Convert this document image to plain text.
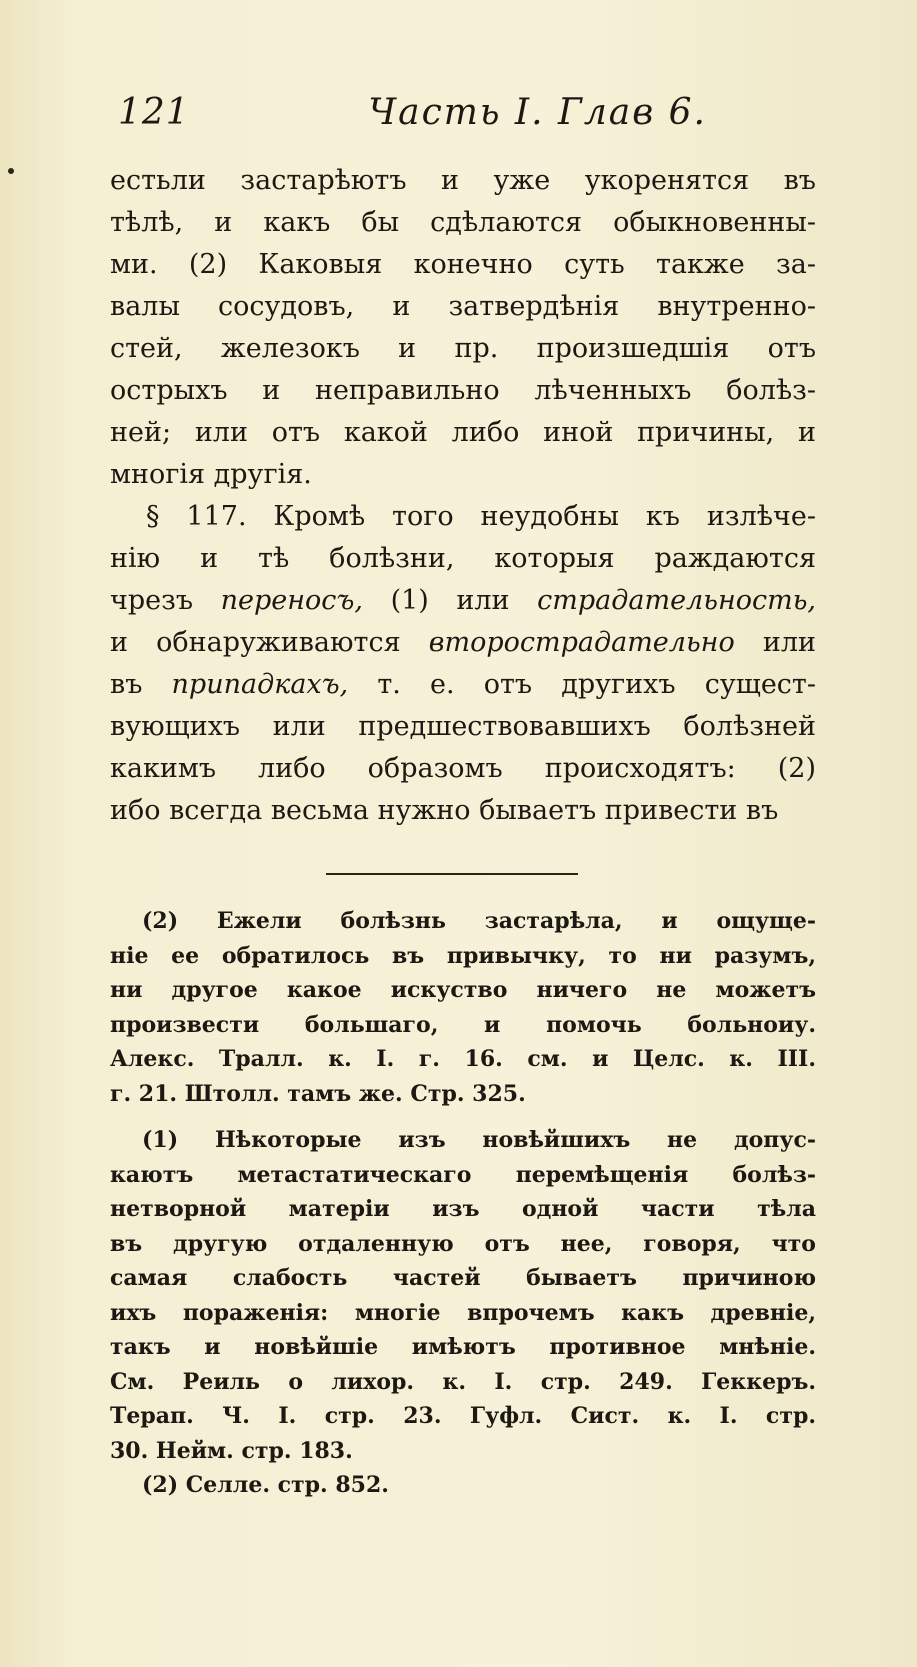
121	Часть I. Глав 6.

естьли застарѣютъ и уже укоренятся въ

тѣлѣ, и какъ бы сдѣлаются обыкновенны-

ми. (2) Каковыя конечно суть также за-

валы сосудовъ, и затвердѣнія внутренно-

стей, железокъ и пр. произшедшія отъ

острыхъ и неправильно лѣченныхъ болѣз-

ней; или отъ какой либо иной причины, и

многія другія.

§ 117. Кромѣ того неудобны къ излѣче-

нію и тѣ болѣзни, которыя раждаются

чрезъ переносъ, (1) или страдательность,

и обнаруживаются вторострадательно или

въ припадкахъ, т. е. отъ другихъ сущест-

вующихъ или предшествовавшихъ болѣзней

какимъ либо образомъ происходятъ: (2)

ибо всегда весьма нужно бываетъ привести въ

(2) Ежели болѣзнь застарѣла, и ощуще-

ніе ее обратилось въ привычку, то ни разумъ,

ни другое какое искуство ничего не можетъ

произвести большаго, и помочь больноиу.

Алекс. Тралл. к. I. г. 16. см. и Целс. к. III.

г. 21. Штолл. тамъ же. Стр. 325.

(1) Нѣкоторые изъ новѣйшихъ не допус-

каютъ метастатическаго перемѣщенія болѣз-

нетворной матеріи изъ одной части тѣла

въ другую отдаленную отъ нее, говоря, что

самая слабость частей бываетъ причиною

ихъ пораженія: многіе впрочемъ какъ древніе,

такъ и новѣйшіе имѣютъ противное мнѣніе.

См. Реиль о лихор. к. I. стр. 249. Геккеръ.

Терап. Ч. I. стр. 23. Гуфл. Сист. к. I. стр.

30. Нейм. стр. 183.

(2) Селле. стр. 852.
